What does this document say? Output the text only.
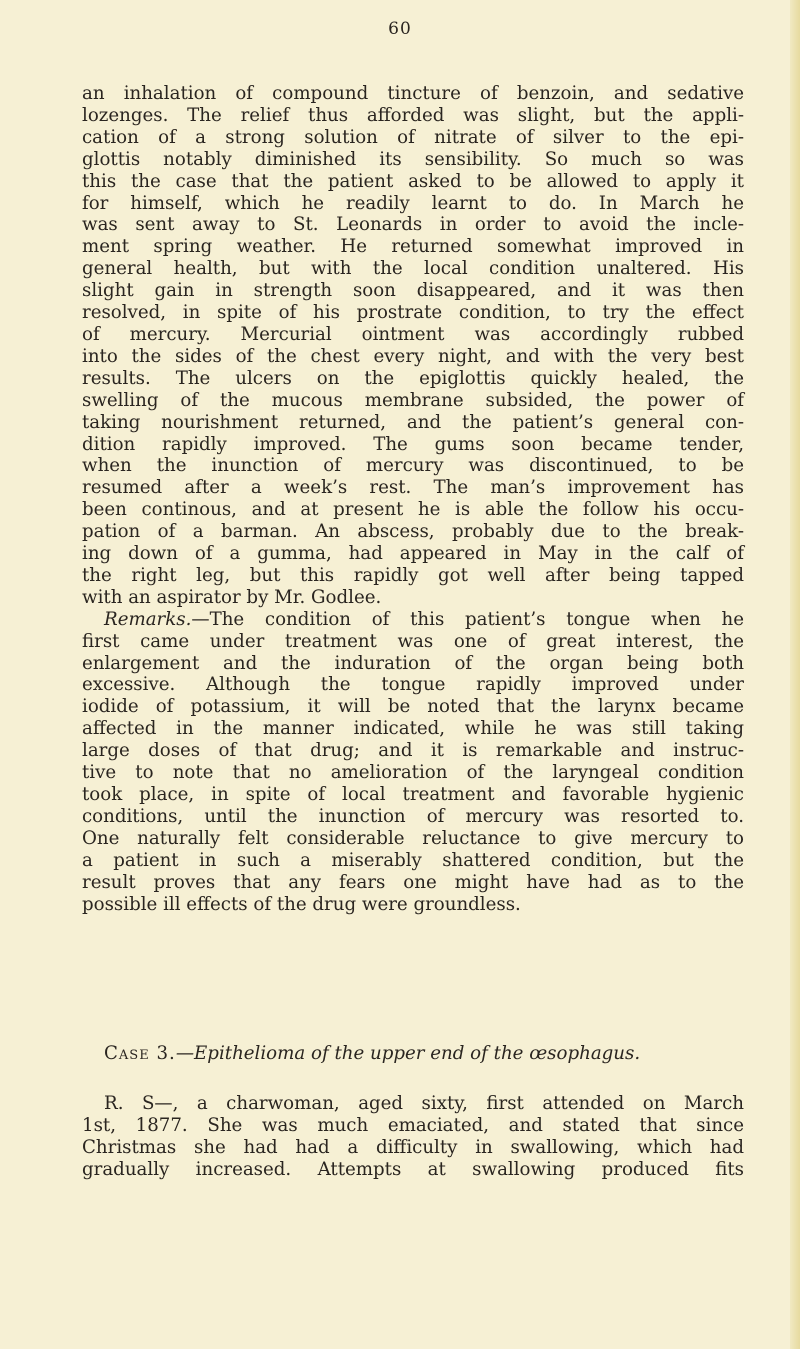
60
an inhalation of compound tincture of benzoin, and sedative
lozenges. The relief thus afforded was slight, but the appli-
cation of a strong solution of nitrate of silver to the epi-
glottis notably diminished its sensibility. So much so was
this the case that the patient asked to be allowed to apply it
for himself, which he readily learnt to do. In March he
was sent away to St. Leonards in order to avoid the incle-
ment spring weather. He returned somewhat improved in
general health, but with the local condition unaltered. His
slight gain in strength soon disappeared, and it was then
resolved, in spite of his prostrate condition, to try the effect
of mercury. Mercurial ointment was accordingly rubbed
into the sides of the chest every night, and with the very best
results. The ulcers on the epiglottis quickly healed, the
swelling of the mucous membrane subsided, the power of
taking nourishment returned, and the patient’s general con-
dition rapidly improved. The gums soon became tender,
when the inunction of mercury was discontinued, to be
resumed after a week’s rest. The man’s improvement has
been continous, and at present he is able the follow his occu-
pation of a barman. An abscess, probably due to the break-
ing down of a gumma, had appeared in May in the calf of
the right leg, but this rapidly got well after being tapped
with an aspirator by Mr. Godlee.
Remarks.—The condition of this patient’s tongue when he
first came under treatment was one of great interest, the
enlargement and the induration of the organ being both
excessive. Although the tongue rapidly improved under
iodide of potassium, it will be noted that the larynx became
affected in the manner indicated, while he was still taking
large doses of that drug; and it is remarkable and instruc-
tive to note that no amelioration of the laryngeal condition
took place, in spite of local treatment and favorable hygienic
conditions, until the inunction of mercury was resorted to.
One naturally felt considerable reluctance to give mercury to
a patient in such a miserably shattered condition, but the
result proves that any fears one might have had as to the
possible ill effects of the drug were groundless.
Case 3.—Epithelioma of the upper end of the œsophagus.
R. S—, a charwoman, aged sixty, first attended on March
1st, 1877. She was much emaciated, and stated that since
Christmas she had had a difficulty in swallowing, which had
gradually increased. Attempts at swallowing produced fits
